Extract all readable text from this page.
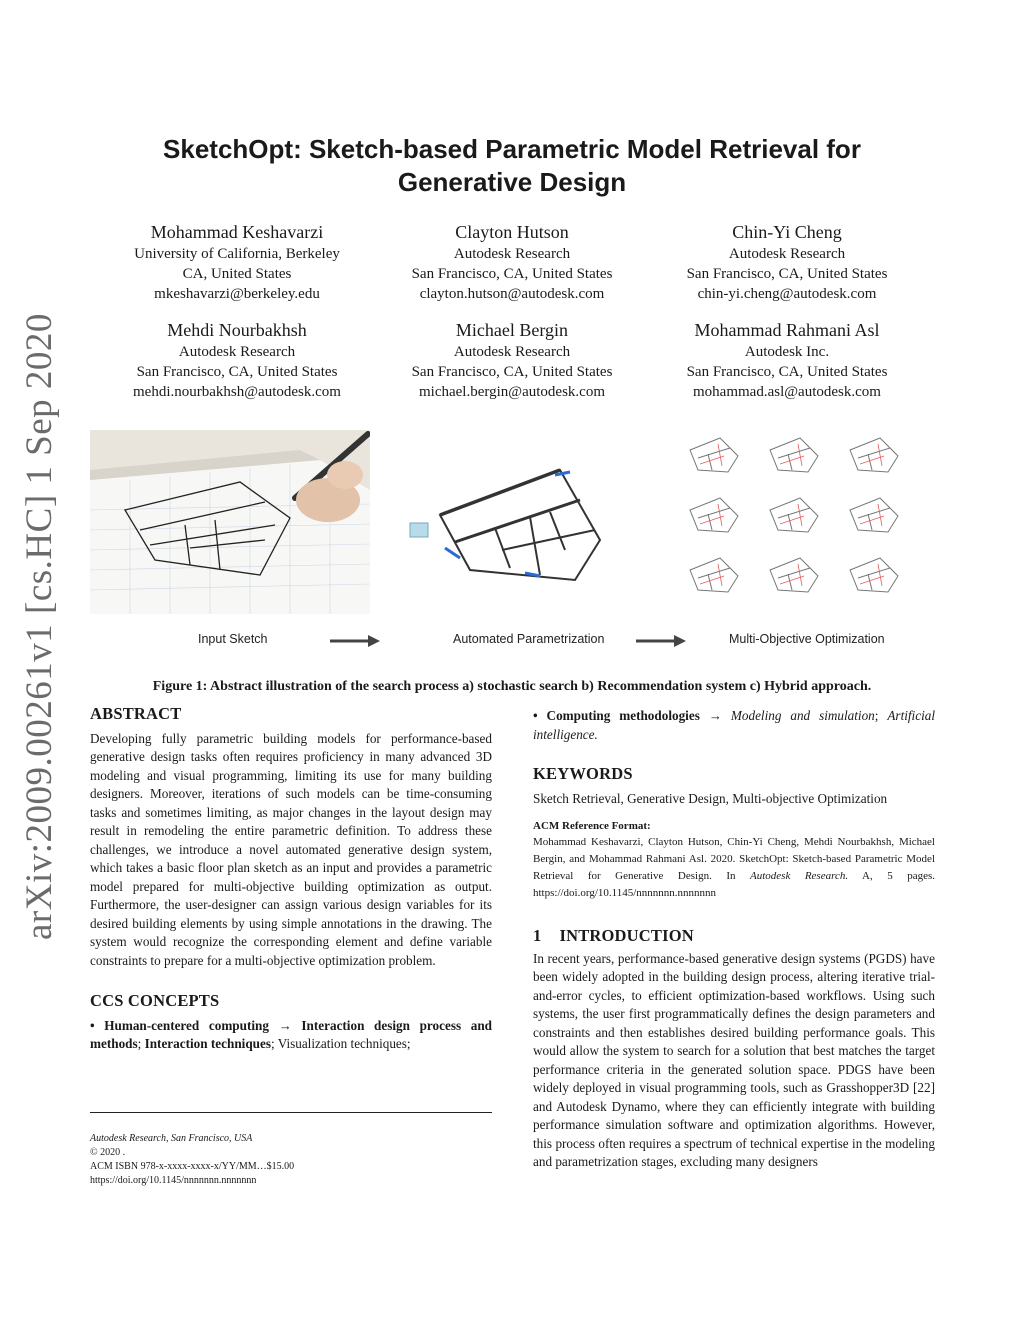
arXiv:2009.00261v1 [cs.HC] 1 Sep 2020
SketchOpt: Sketch-based Parametric Model Retrieval for
Generative Design
Mohammad Keshavarzi
University of California, Berkeley
CA, United States
mkeshavarzi@berkeley.edu
Clayton Hutson
Autodesk Research
San Francisco, CA, United States
clayton.hutson@autodesk.com
Chin-Yi Cheng
Autodesk Research
San Francisco, CA, United States
chin-yi.cheng@autodesk.com
Mehdi Nourbakhsh
Autodesk Research
San Francisco, CA, United States
mehdi.nourbakhsh@autodesk.com
Michael Bergin
Autodesk Research
San Francisco, CA, United States
michael.bergin@autodesk.com
Mohammad Rahmani Asl
Autodesk Inc.
San Francisco, CA, United States
mohammad.asl@autodesk.com
Input Sketch	Automated Parametrization	Multi-Objective Optimization
Figure 1: Abstract illustration of the search process a) stochastic search b) Recommendation system c) Hybrid approach.
ABSTRACT
Developing fully parametric building models for performance-based generative design tasks often requires proficiency in many advanced 3D modeling and visual programming, limiting its use for many building designers. Moreover, iterations of such models can be time-consuming tasks and sometimes limiting, as major changes in the layout design may result in remodeling the entire parametric definition. To address these challenges, we introduce a novel automated generative design system, which takes a basic floor plan sketch as an input and provides a parametric model prepared for multi-objective building optimization as output. Furthermore, the user-designer can assign various design variables for its desired building elements by using simple annotations in the drawing. The system would recognize the corresponding element and define variable constraints to prepare for a multi-objective optimization problem.
CCS CONCEPTS
• Human-centered computing → Interaction design process and methods; Interaction techniques; Visualization techniques;
Autodesk Research, San Francisco, USA
© 2020 .
ACM ISBN 978-x-xxxx-xxxx-x/YY/MM…$15.00
https://doi.org/10.1145/nnnnnnn.nnnnnnn
• Computing methodologies → Modeling and simulation; Artificial intelligence.
KEYWORDS
Sketch Retrieval, Generative Design, Multi-objective Optimization
ACM Reference Format:
Mohammad Keshavarzi, Clayton Hutson, Chin-Yi Cheng, Mehdi Nourbakhsh, Michael Bergin, and Mohammad Rahmani Asl. 2020. SketchOpt: Sketch-based Parametric Model Retrieval for Generative Design. In Autodesk Research. A, 5 pages. https://doi.org/10.1145/nnnnnnn.nnnnnnn
1 INTRODUCTION
In recent years, performance-based generative design systems (PGDS) have been widely adopted in the building design process, altering iterative trial-and-error cycles, to efficient optimization-based workflows. Using such systems, the user first programmatically defines the design parameters and constraints and then establishes desired building performance goals. This would allow the system to search for a solution that best matches the target performance criteria in the generated solution space. PDGS have been widely deployed in visual programming tools, such as Grasshopper3D [22] and Autodesk Dynamo, where they can efficiently integrate with building performance simulation software and optimization algorithms. However, this process often requires a spectrum of technical expertise in the modeling and parametrization stages, excluding many designers
